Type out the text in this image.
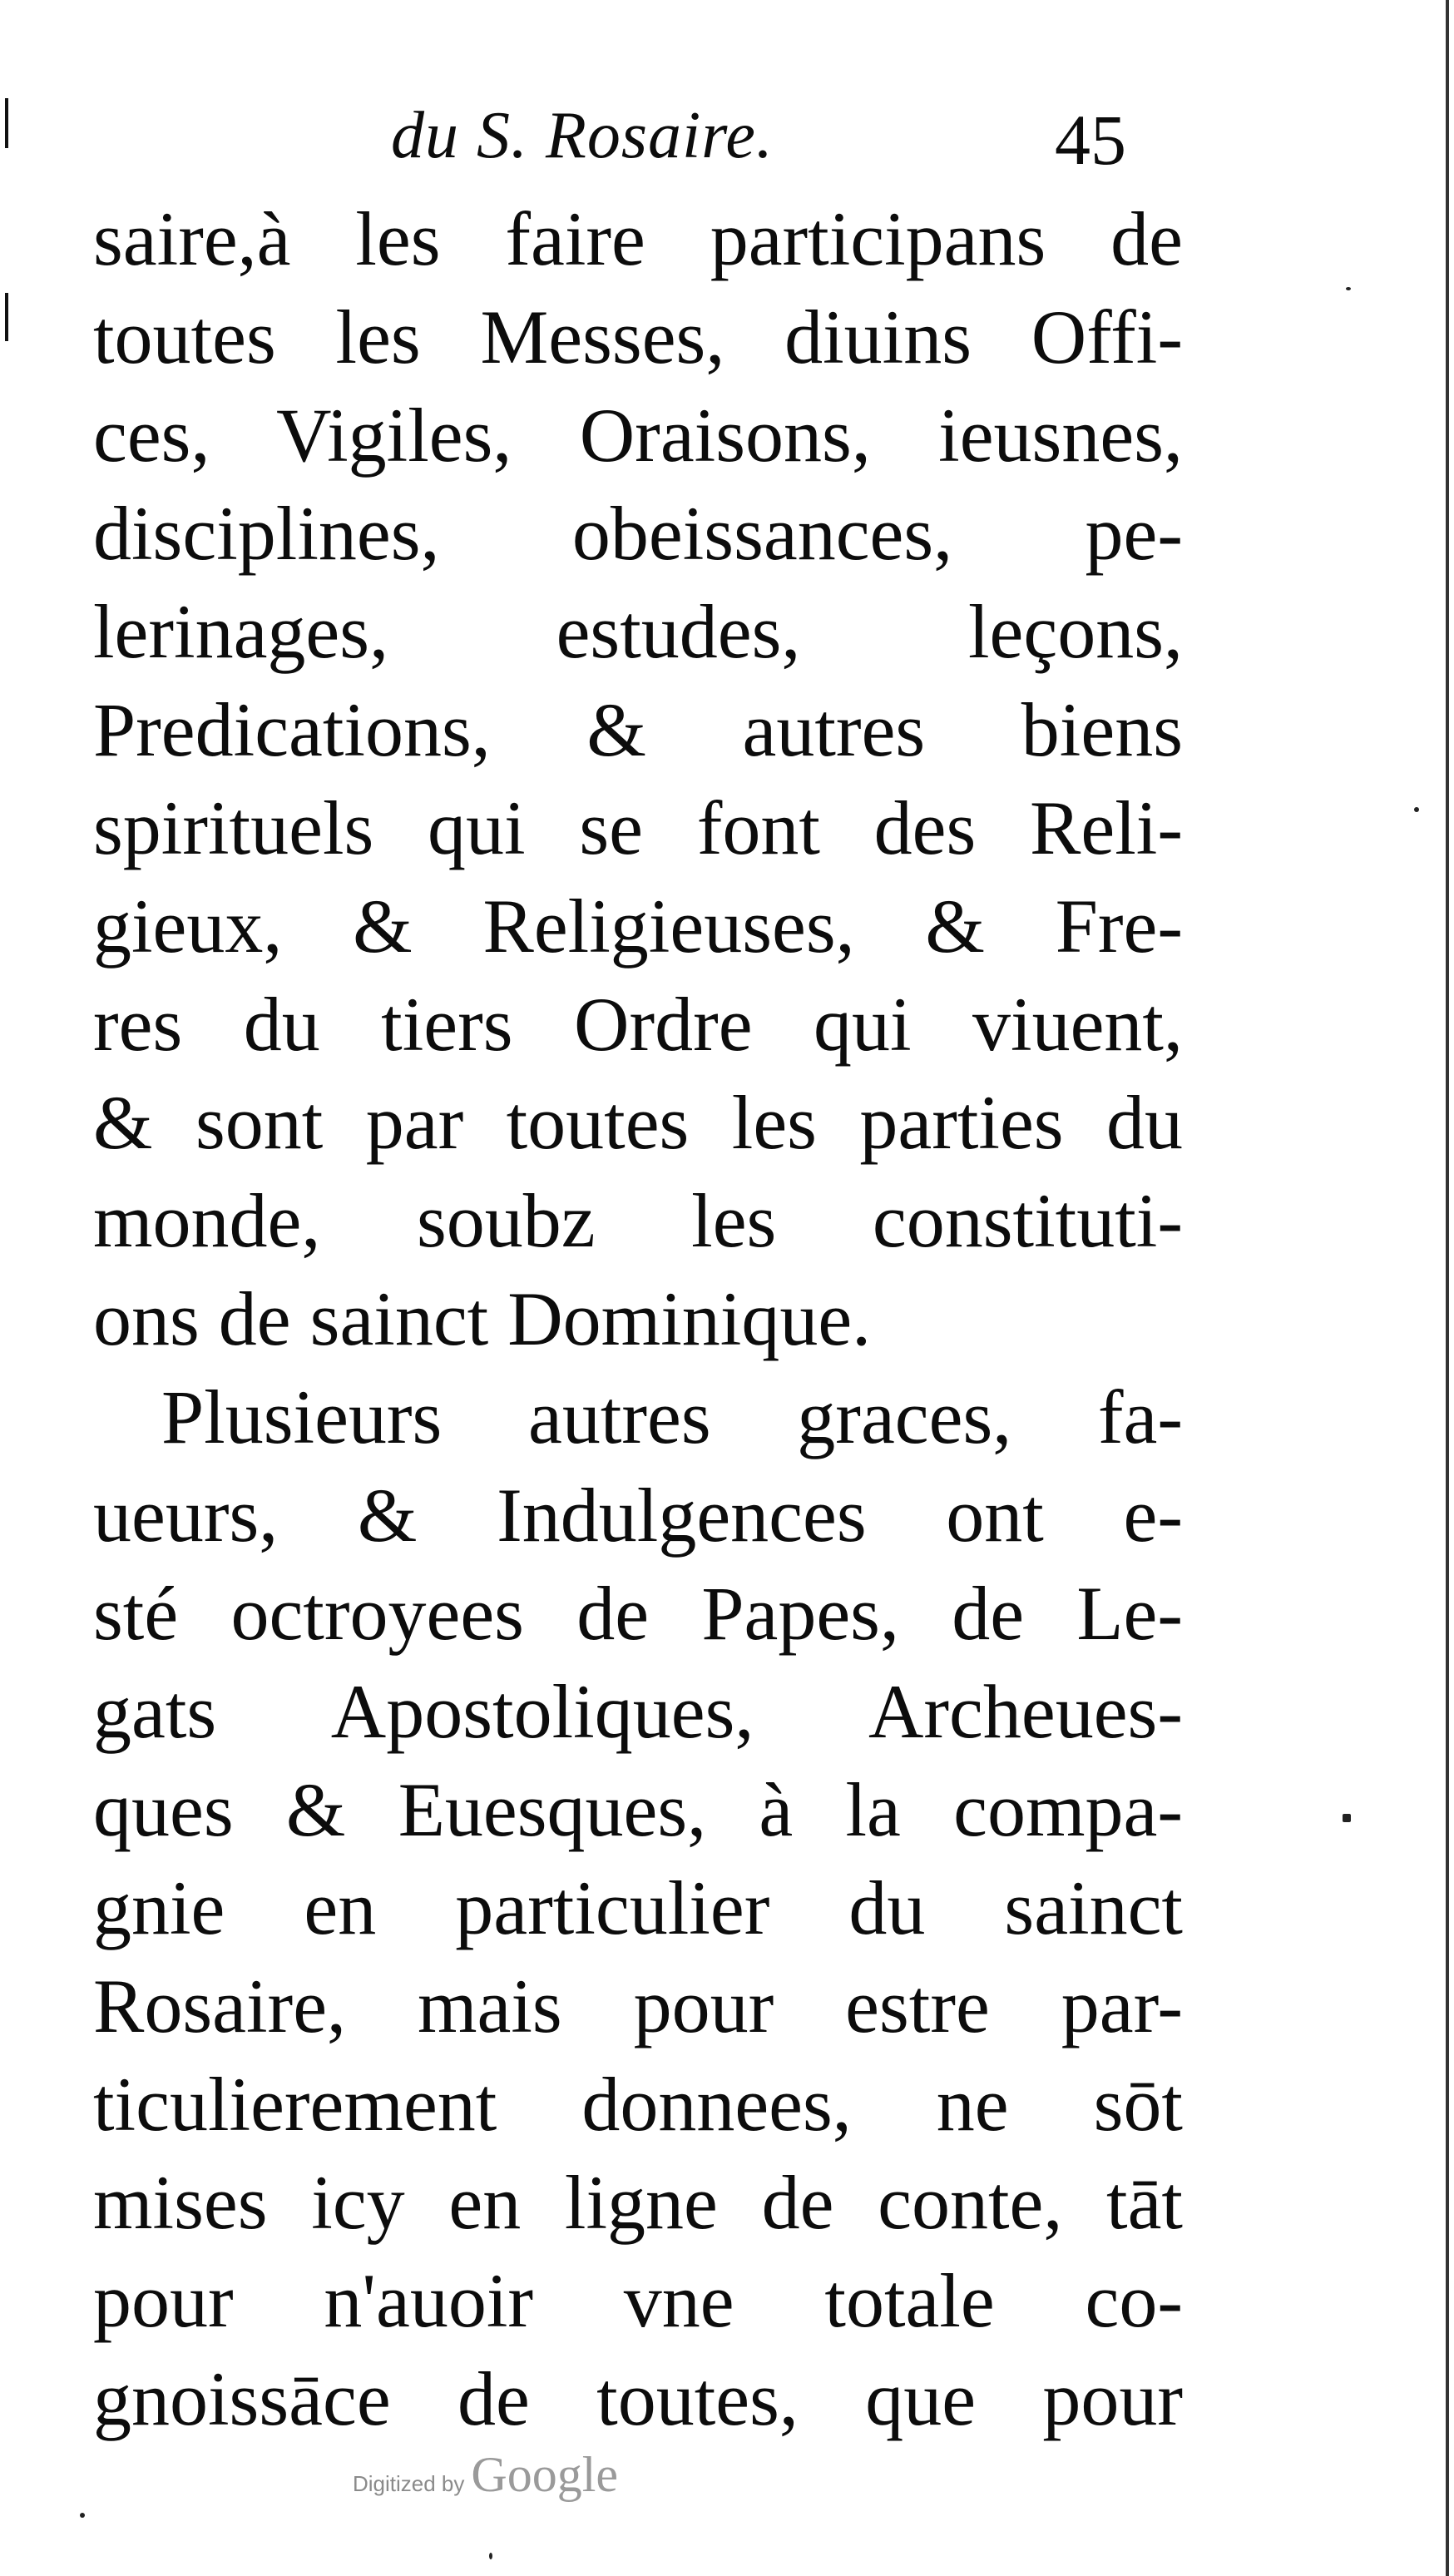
du S. Rosaire.	45
saire,à les faire participans de
toutes les Messes, diuins Offi-
ces, Vigiles, Oraisons, ieusnes,
disciplines, obeissances, pe-
lerinages, estudes, leçons,
Predications, & autres biens
spirituels qui se font des Reli-
gieux, & Religieuses, & Fre-
res du tiers Ordre qui viuent,
& sont par toutes les parties du
monde, soubz les constituti-
ons de sainct Dominique.
Plusieurs autres graces, fa-
ueurs, & Indulgences ont e-
sté octroyees de Papes, de Le-
gats Apostoliques, Archeues-
ques & Euesques, à la compa-
gnie en particulier du sainct
Rosaire, mais pour estre par-
ticulierement donnees, ne sōt
mises icy en ligne de conte, tāt
pour n'auoir vne totale co-
gnoissāce de toutes, que pour
Digitized by Google
